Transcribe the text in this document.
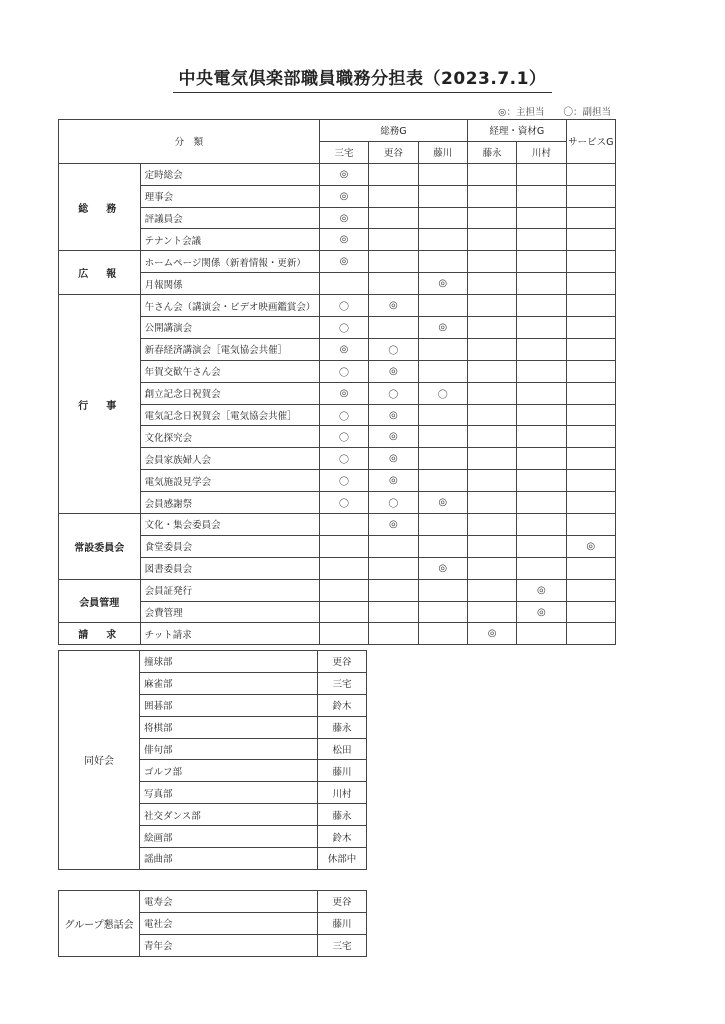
中央電気倶楽部職員職務分担表（2023.7.1）
◎：主担当 〇：副担当
分　類		総務G			経理・資材G		サービスG
		三宅	更谷	藤川	藤永	川村	
総　務	定時総会	◎					
	理事会	◎					
	評議員会	◎					
	テナント会議	◎					
広　報	ホームページ関係（新着情報・更新）	◎					
	月報関係			◎			
行　事	午さん会（講演会・ビデオ映画鑑賞会）	〇	◎				
	公開講演会	〇		◎			
	新春経済講演会［電気協会共催］	◎	〇				
	年賀交歓午さん会	〇	◎				
	創立記念日祝賀会	◎	〇	〇			
	電気記念日祝賀会［電気協会共催］	〇	◎				
	文化探究会	〇	◎				
	会員家族婦人会	〇	◎				
	電気施設見学会	〇	◎				
	会員感謝祭	〇	〇	◎			
常設委員会	文化・集会委員会		◎				
	食堂委員会						◎
	図書委員会			◎			
会員管理	会員証発行					◎	
	会費管理					◎	
請　求	チット請求				◎		
同好会	撞球部	更谷
	麻雀部	三宅
	囲碁部	鈴木
	将棋部	藤永
	俳句部	松田
	ゴルフ部	藤川
	写真部	川村
	社交ダンス部	藤永
	絵画部	鈴木
	謡曲部	休部中
グループ懇話会	電寿会	更谷
	電社会	藤川
	青年会	三宅
